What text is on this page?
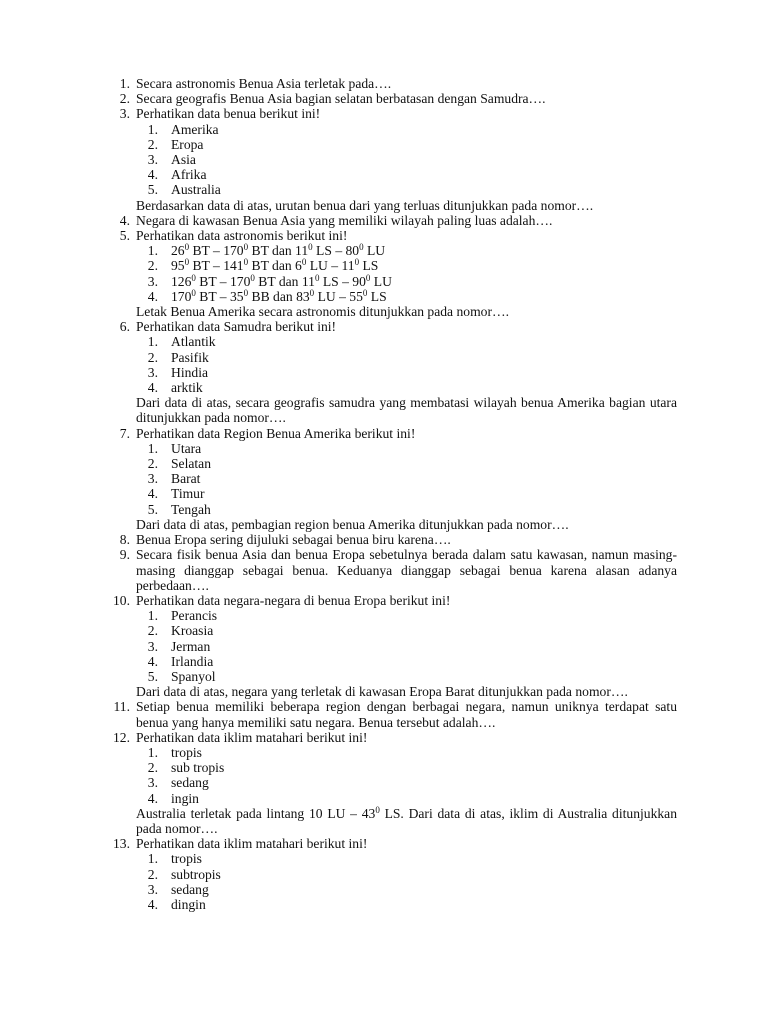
1. Secara astronomis Benua Asia terletak pada….
2. Secara geografis Benua Asia bagian selatan berbatasan dengan Samudra….
3. Perhatikan data benua berikut ini!
1. Amerika
2. Eropa
3. Asia
4. Afrika
5. Australia
Berdasarkan data di atas, urutan benua dari yang terluas ditunjukkan pada nomor….
4. Negara di kawasan Benua Asia yang memiliki wilayah paling luas adalah….
5. Perhatikan data astronomis berikut ini!
1. $26^0$ BT – $170^0$ BT dan $11^0$ LS – $80^0$ LU
2. $95^0$ BT – $141^0$ BT dan $6^0$ LU – $11^0$ LS
3. $126^0$ BT – $170^0$ BT dan $11^0$ LS – $90^0$ LU
4. $170^0$ BT – $35^0$ BB dan $83^0$ LU – $55^0$ LS
Letak Benua Amerika secara astronomis ditunjukkan pada nomor….
6. Perhatikan data Samudra berikut ini!
1. Atlantik
2. Pasifik
3. Hindia
4. arktik
Dari data di atas, secara geografis samudra yang membatasi wilayah benua Amerika bagian utara ditunjukkan pada nomor….
7. Perhatikan data Region Benua Amerika berikut ini!
1. Utara
2. Selatan
3. Barat
4. Timur
5. Tengah
Dari data di atas, pembagian region benua Amerika ditunjukkan pada nomor….
8. Benua Eropa sering dijuluki sebagai benua biru karena….
9. Secara fisik benua Asia dan benua Eropa sebetulnya berada dalam satu kawasan, namun masing-masing dianggap sebagai benua. Keduanya dianggap sebagai benua karena alasan adanya perbedaan….
10. Perhatikan data negara-negara di benua Eropa berikut ini!
1. Perancis
2. Kroasia
3. Jerman
4. Irlandia
5. Spanyol
Dari data di atas, negara yang terletak di kawasan Eropa Barat ditunjukkan pada nomor….
11. Setiap benua memiliki beberapa region dengan berbagai negara, namun uniknya terdapat satu benua yang hanya memiliki satu negara. Benua tersebut adalah….
12. Perhatikan data iklim matahari berikut ini!
1. tropis
2. sub tropis
3. sedang
4. ingin
Australia terletak pada lintang 10 LU – $43^0$ LS. Dari data di atas, iklim di Australia ditunjukkan pada nomor….
13. Perhatikan data iklim matahari berikut ini!
1. tropis
2. subtropis
3. sedang
4. dingin
